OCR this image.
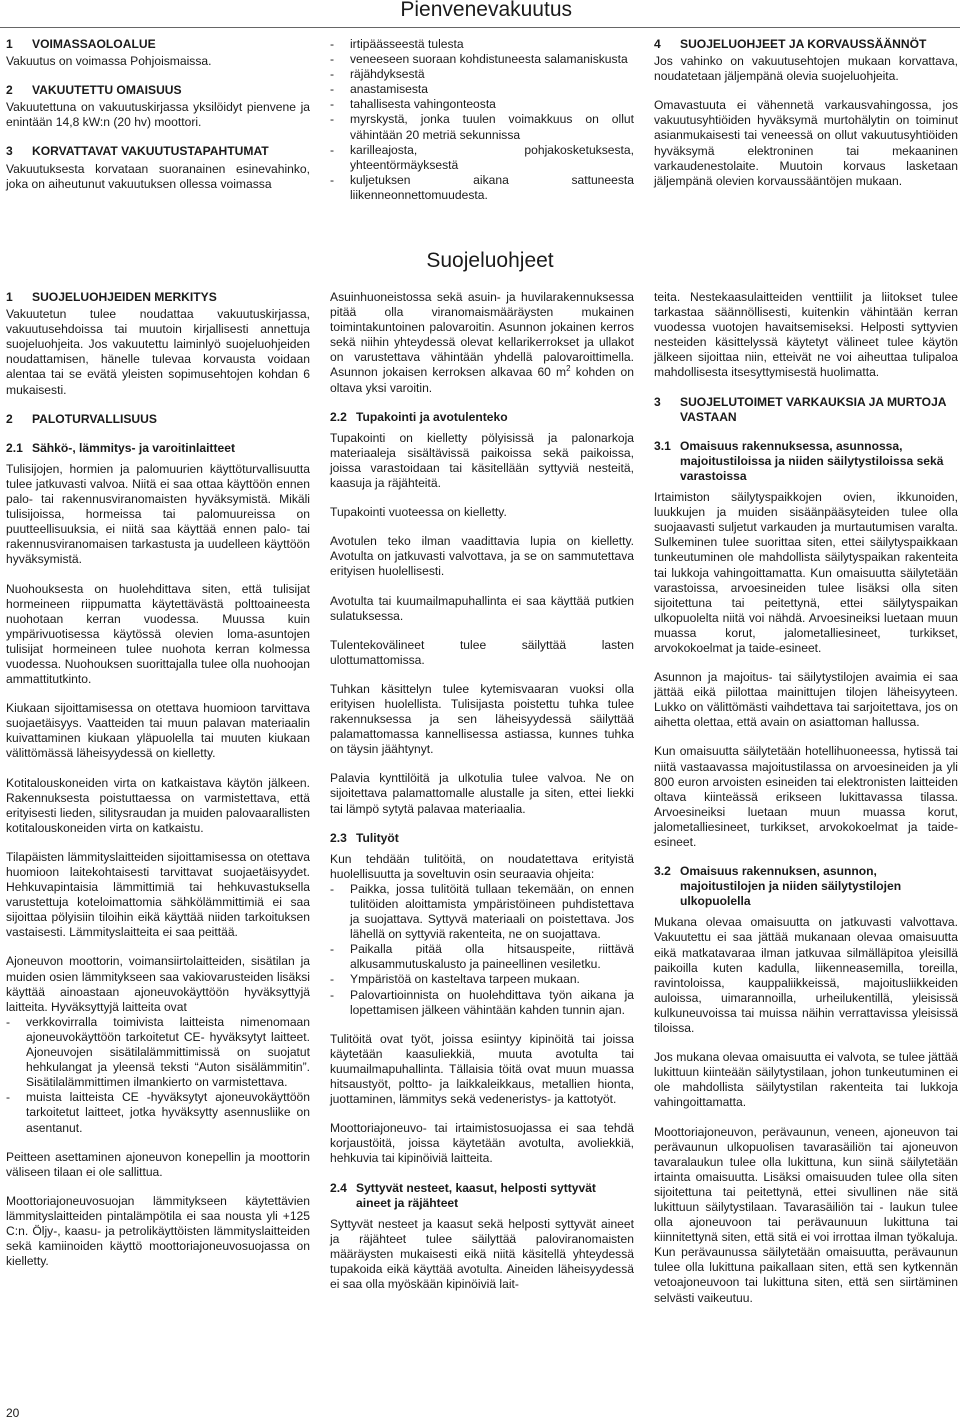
Pienvenevakuutus
1	VOIMASSAOLOALUE

Vakuutus on voimassa Pohjoismaissa.

2	VAKUUTETTU OMAISUUS

Vakuutettuna on vakuutuskirjassa yksilöidyt pienvene ja enintään 14,8 kW:n (20 hv) moottori.

3	KORVATTAVAT VAKUUTUSTAPAHTUMAT

Vakuutuksesta korvataan suoranainen esinevahinko, joka on aiheutunut vakuutuksen ollessa voimassa

- irtipäässeestä tulesta
- veneeseen suoraan kohdistuneesta salamaniskusta
- räjähdyksestä
- anastamisesta
- tahallisesta vahingonteosta
- myrskystä, jonka tuulen voimakkuus on ollut vähintään 20 metriä sekunnissa
- karilleajosta, pohjakosketuksesta, yhteentörmäyksestä
- kuljetuksen aikana sattuneesta liikenneonnettomuudesta.
4	SUOJELUOHJEET JA KORVAUSSÄÄNNÖT

Jos vahinko on vakuutusehtojen mukaan korvattava, noudatetaan jäljempänä olevia suojeluohjeita.

Omavastuuta ei vähennetä varkausvahingossa, jos vakuutusyhtiöiden hyväksymä murtohälytin on toiminut asianmukaisesti tai veneessä on ollut vakuutusyhtiöiden hyväksymä elektroninen tai mekaaninen varkaudenestolaite. Muutoin korvaus lasketaan jäljempänä olevien korvaussääntöjen mukaan.

Suojeluohjeet
1	SUOJELUOHJEIDEN MERKITYS

Vakuutetun tulee noudattaa vakuutuskirjassa, vakuutusehdoissa tai muutoin kirjallisesti annettuja suojeluohjeita. Jos vakuutettu laiminlyö suojeluohjeiden noudattamisen, hänelle tulevaa korvausta voidaan alentaa tai se evätä yleisten sopimusehtojen kohdan 6 mukaisesti.

2	PALOTURVALLISUUS
2.1 Sähkö-, lämmitys- ja varoitinlaitteet

Tulisijojen, hormien ja palomuurien käyttöturvallisuutta tulee jatkuvasti valvoa. Niitä ei saa ottaa käyttöön ennen palo- tai rakennusviranomaisten hyväksymistä. Mikäli tulisijoissa, hormeissa tai palomuureissa on puutteellisuuksia, ei niitä saa käyttää ennen palo- tai rakennusviranomaisen tarkastusta ja uudelleen käyttöön hyväksymistä.

Nuohouksesta on huolehdittava siten, että tulisijat hormeineen riippumatta käytettävästä polttoaineesta nuohotaan kerran vuodessa. Muussa kuin ympärivuotisessa käytössä olevien loma-asuntojen tulisijat hormeineen tulee nuohota kerran kolmessa vuodessa. Nuohouksen suorittajalla tulee olla nuohoojan ammattitutkinto.

Kiukaan sijoittamisessa on otettava huomioon tarvittava suojaetäisyys. Vaatteiden tai muun palavan materiaalin kuivattaminen kiukaan yläpuolella tai muuten kiukaan välittömässä läheisyydessä on kielletty.

Kotitalouskoneiden virta on katkaistava käytön jälkeen. Rakennuksesta poistuttaessa on varmistettava, että erityisesti lieden, silitysraudan ja muiden palovaarallisten kotitalouskoneiden virta on katkaistu.

Tilapäisten lämmityslaitteiden sijoittamisessa on otettava huomioon laitekohtaisesti tarvittavat suojaetäisyydet. Hehkuvapintaisia lämmittimiä tai hehkuvastuksella varustettuja koteloimattomia sähkölämmittimiä ei saa sijoittaa pölyisiin tiloihin eikä käyttää niiden tarkoituksen vastaisesti. Lämmityslaitteita ei saa peittää.

Ajoneuvon moottorin, voimansiirtolaitteiden, sisätilan ja muiden osien lämmitykseen saa vakiovarusteiden lisäksi käyttää ainoastaan ajoneuvokäyttöön hyväksyttyjä laitteita. Hyväksyttyjä laitteita ovat

- verkkovirralla toimivista laitteista nimenomaan ajoneuvokäyttöön tarkoitetut CE- hyväksytyt laitteet. Ajoneuvojen sisätilalämmittimissä on suojatut hehkulangat ja yleensä teksti “Auton sisälämmitin”. Sisätilalämmittimen ilmankierto on varmistettava.
- muista laitteista CE -hyväksytyt ajoneuvokäyttöön tarkoitetut laitteet, jotka hyväksytty asennusliike on asentanut.

Peitteen asettaminen ajoneuvon konepellin ja moottorin väliseen tilaan ei ole sallittua.

Moottoriajoneuvosuojan lämmitykseen käytettävien lämmityslaitteiden pintalämpötila ei saa nousta yli +125 C:n. Öljy-, kaasu- ja petrolikäyttöisten lämmityslaitteiden sekä kamiinoiden käyttö moottoriajoneuvosuojassa on kielletty.

Asuinhuoneistossa sekä asuin- ja huvilarakennuksessa pitää olla viranomaismääräysten mukainen toimintakuntoinen palovaroitin. Asunnon jokainen kerros sekä niihin yhteydessä olevat kellarikerrokset ja ullakot on varustettava vähintään yhdellä palovaroittimella. Asunnon jokaisen kerroksen alkavaa 60 $m^2$ kohden on oltava yksi varoitin.

2.2 Tupakointi ja avotulenteko

Tupakointi on kielletty pölyisissä ja palonarkoja materiaaleja sisältävissä paikoissa sekä paikoissa, joissa varastoidaan tai käsitellään syttyviä nesteitä, kaasuja ja räjähteitä.

Tupakointi vuoteessa on kielletty.

Avotulen teko ilman vaadittavia lupia on kielletty. Avotulta on jatkuvasti valvottava, ja se on sammutettava erityisen huolellisesti.

Avotulta tai kuumailmapuhallinta ei saa käyttää putkien sulatuksessa.

Tulentekovälineet tulee säilyttää lasten ulottumattomissa.

Tuhkan käsittelyn tulee kytemisvaaran vuoksi olla erityisen huolellista. Tulisijasta poistettu tuhka tulee rakennuksessa ja sen läheisyydessä säilyttää palamattomassa kannellisessa astiassa, kunnes tuhka on täysin jäähtynyt.

Palavia kynttilöitä ja ulkotulia tulee valvoa. Ne on sijoitettava palamattomalle alustalle ja siten, ettei liekki tai lämpö sytytä palavaa materiaalia.

2.3 Tulityöt

Kun tehdään tulitöitä, on noudatettava erityistä huolellisuutta ja soveltuvin osin seuraavia ohjeita:

- Paikka, jossa tulitöitä tullaan tekemään, on ennen tulitöiden aloittamista ympäristöineen puhdistettava ja suojattava. Syttyvä materiaali on poistettava. Jos lähellä on syttyviä rakenteita, ne on suojattava.
- Paikalla pitää olla hitsauspeite, riittävä alkusammutuskalusto ja paineellinen vesiletku.
- Ympäristöä on kasteltava tarpeen mukaan.
- Palovartioinnista on huolehdittava työn aikana ja lopettamisen jälkeen vähintään kahden tunnin ajan.

Tulitöitä ovat työt, joissa esiintyy kipinöitä tai joissa käytetään kaasuliekkiä, muuta avotulta tai kuumailmapuhallinta. Tällaisia töitä ovat muun muassa hitsaustyöt, poltto- ja laikkaleikkaus, metallien hionta, juottaminen, lämmitys sekä vedeneristys- ja kattotyöt.

Moottoriajoneuvo- tai irtaimistosuojassa ei saa tehdä korjaustöitä, joissa käytetään avotulta, avoliekkiä, hehkuvia tai kipinöiviä laitteita.

2.4 Syttyvät nesteet, kaasut, helposti syttyvät aineet ja räjähteet

Syttyvät nesteet ja kaasut sekä helposti syttyvät aineet ja räjähteet tulee säilyttää paloviranomaisten määräysten mukaisesti eikä niitä käsitellä yhteydessä tupakoida eikä käyttää avotulta. Aineiden läheisyydessä ei saa olla myöskään kipinöiviä lait-

teita. Nestekaasulaitteiden venttiilit ja liitokset tulee tarkastaa säännöllisesti, kuitenkin vähintään kerran vuodessa vuotojen havaitsemiseksi. Helposti syttyvien nesteiden käsittelyssä käytetyt välineet tulee käytön jälkeen sijoittaa niin, etteivät ne voi aiheuttaa tulipaloa mahdollisesta itsesyttymisestä huolimatta.

3	SUOJELUTOIMET VARKAUKSIA JA MURTOJA VASTAAN
3.1 Omaisuus rakennuksessa, asunnossa, majoitustiloissa ja niiden säilytystiloissa sekä varastoissa

Irtaimiston säilytyspaikkojen ovien, ikkunoiden, luukkujen ja muiden sisäänpääsyteiden tulee olla suojaavasti suljetut varkauden ja murtautumisen varalta. Sulkeminen tulee suorittaa siten, ettei säilytyspaikkaan tunkeutuminen ole mahdollista säilytyspaikan rakenteita tai lukkoja vahingoittamatta. Kun omaisuutta säilytetään varastoissa, arvoesineiden tulee lisäksi olla siten sijoitettuna tai peitettynä, ettei säilytyspaikan ulkopuolelta niitä voi nähdä. Arvoesineiksi luetaan muun muassa korut, jalometalliesineet, turkikset, arvokokoelmat ja taide-esineet.

Asunnon ja majoitus- tai säilytystilojen avaimia ei saa jättää eikä piilottaa mainittujen tilojen läheisyyteen. Lukko on välittömästi vaihdettava tai sarjoitettava, jos on aihetta olettaa, että avain on asiattoman hallussa.

Kun omaisuutta säilytetään hotellihuoneessa, hytissä tai niitä vastaavassa majoitustilassa on arvoesineiden ja yli 800 euron arvoisten esineiden tai elektronisten laitteiden oltava kiinteässä erikseen lukittavassa tilassa. Arvoesineiksi luetaan muun muassa korut, jalometalliesineet, turkikset, arvokokoelmat ja taide-esineet.

3.2 Omaisuus rakennuksen, asunnon, majoitustilojen ja niiden säilytystilojen ulkopuolella

Mukana olevaa omaisuutta on jatkuvasti valvottava. Vakuutettu ei saa jättää mukanaan olevaa omaisuutta eikä matkatavaraa ilman jatkuvaa silmälläpitoa yleisillä paikoilla kuten kadulla, liikenneasemilla, toreilla, ravintoloissa, kauppaliikkeissä, majoitusliikkeiden auloissa, uimarannoilla, urheilukentillä, yleisissä kulkuneuvoissa tai muissa näihin verrattavissa yleisissä tiloissa.

Jos mukana olevaa omaisuutta ei valvota, se tulee jättää lukittuun kiinteään säilytystilaan, johon tunkeutuminen ei ole mahdollista säilytystilan rakenteita tai lukkoja vahingoittamatta.

Moottoriajoneuvon, perävaunun, veneen, ajoneuvon tai perävaunun ulkopuolisen tavarasäiliön tai ajoneuvon tavaralaukun tulee olla lukittuna, kun siinä säilytetään irtainta omaisuutta. Lisäksi omaisuuden tulee olla siten sijoitettuna tai peitettynä, ettei sivullinen näe sitä lukittuun säilytystilaan. Tavarasäiliön tai - laukun tulee olla ajoneuvoon tai perävaunuun lukittuna tai kiinnitettynä siten, että sitä ei voi irrottaa ilman työkaluja. Kun perävaunussa säilytetään omaisuutta, perävaunun tulee olla lukittuna paikallaan siten, että sen kytkennän vetoajoneuvoon tai lukittuna siten, että sen siirtäminen selvästi vaikeutuu.

20
